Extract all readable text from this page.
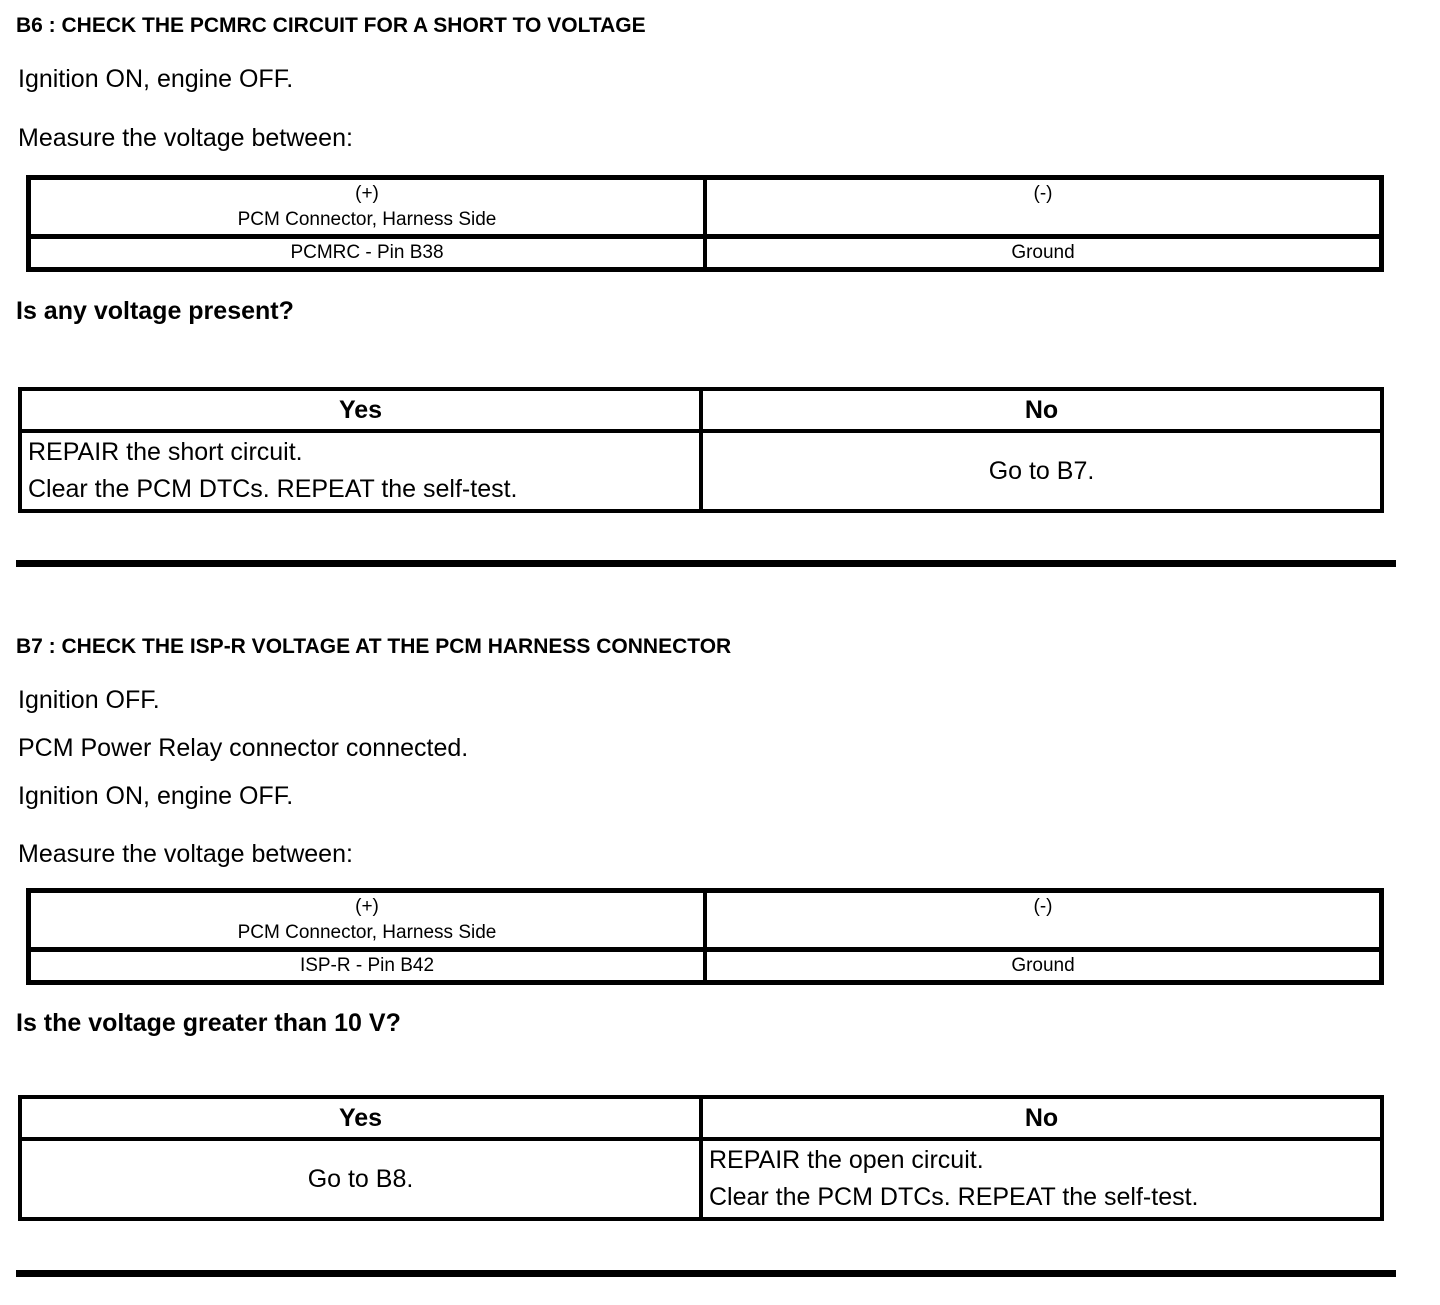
B6 : CHECK THE PCMRC CIRCUIT FOR A SHORT TO VOLTAGE

Ignition ON, engine OFF.

Measure the voltage between:

(+)
PCM Connector, Harness Side	(-)

PCMRC - Pin B38	Ground

Is any voltage present?

Yes	No

REPAIR the short circuit.
Clear the PCM DTCs. REPEAT the self-test.	Go to B7.
B7 : CHECK THE ISP-R VOLTAGE AT THE PCM HARNESS CONNECTOR

Ignition OFF.

PCM Power Relay connector connected.

Ignition ON, engine OFF.

Measure the voltage between:

(+)
PCM Connector, Harness Side	(-)

ISP-R - Pin B42	Ground

Is the voltage greater than 10 V?

Yes	No

Go to B8.	REPAIR the open circuit.
Clear the PCM DTCs. REPEAT the self-test.
